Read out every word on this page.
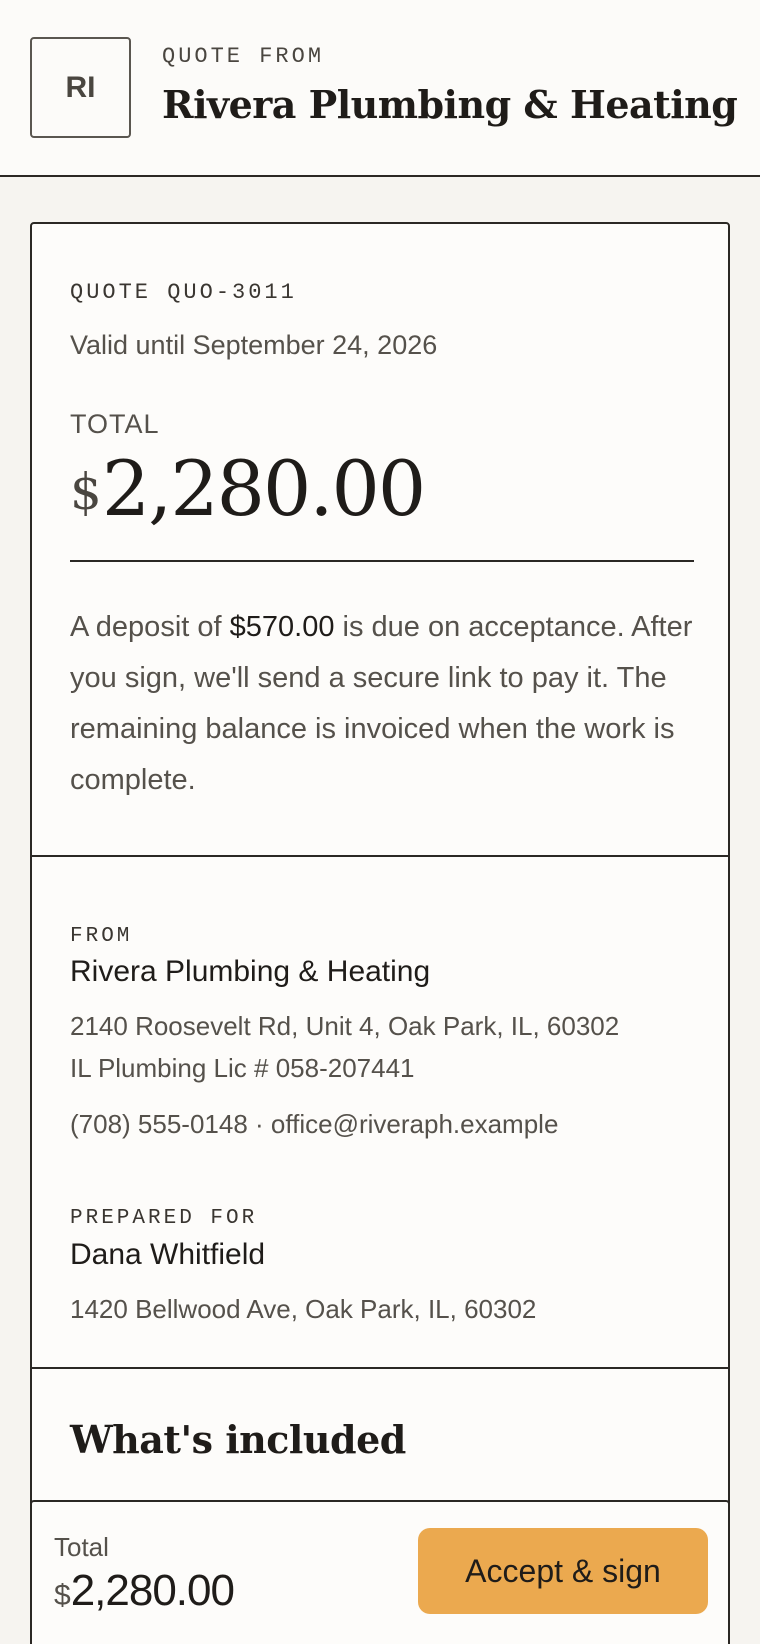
RI
QUOTE FROM
Rivera Plumbing & Heating
QUOTE QUO-3011
Valid until September 24, 2026
TOTAL
$2,280.00

A deposit of $570.00 is due on acceptance. After you sign, we'll send a secure link to pay it. The remaining balance is invoiced when the work is complete.

FROM
Rivera Plumbing & Heating
2140 Roosevelt Rd, Unit 4, Oak Park, IL, 60302
IL Plumbing Lic # 058-207441
(708) 555-0148 · office@riveraph.example
PREPARED FOR
Dana Whitfield
1420 Bellwood Ave, Oak Park, IL, 60302
What's included
Total
$2,280.00	Accept & sign
